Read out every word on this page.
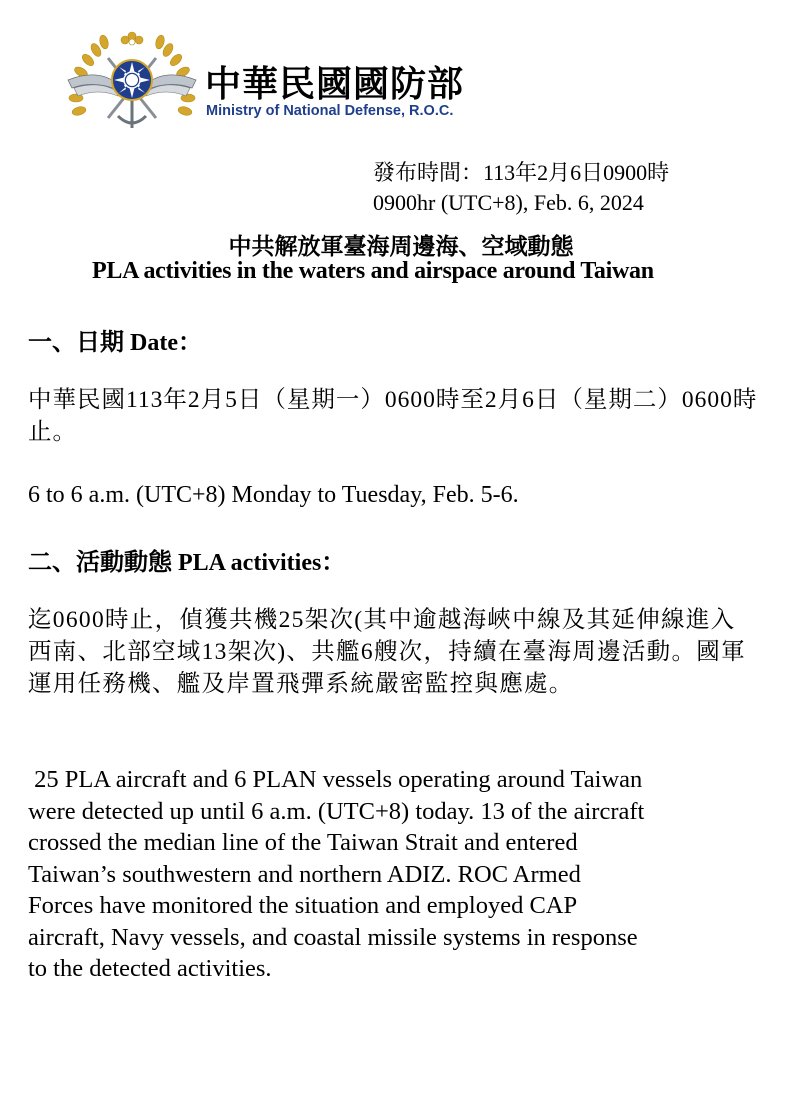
中華民國國防部
Ministry of National Defense, R.O.C.
發布時間：113年2月6日0900時
0900hr (UTC+8), Feb. 6, 2024
中共解放軍臺海周邊海、空域動態
PLA activities in the waters and airspace around Taiwan
一、日期 Date：
中華民國113年2月5日（星期一）0600時至2月6日（星期二）0600時止。
6 to 6 a.m. (UTC+8) Monday to Tuesday, Feb. 5-6.
二、活動動態 PLA activities：
迄0600時止，偵獲共機25架次(其中逾越海峽中線及其延伸線進入西南、北部空域13架次)、共艦6艘次，持續在臺海周邊活動。國軍運用任務機、艦及岸置飛彈系統嚴密監控與應處。
25 PLA aircraft and 6 PLAN vessels operating around Taiwan
were detected up until 6 a.m. (UTC+8) today. 13 of the aircraft
crossed the median line of the Taiwan Strait and entered
Taiwan’s southwestern and northern ADIZ. ROC Armed
Forces have monitored the situation and employed CAP
aircraft, Navy vessels, and coastal missile systems in response
to the detected activities.
